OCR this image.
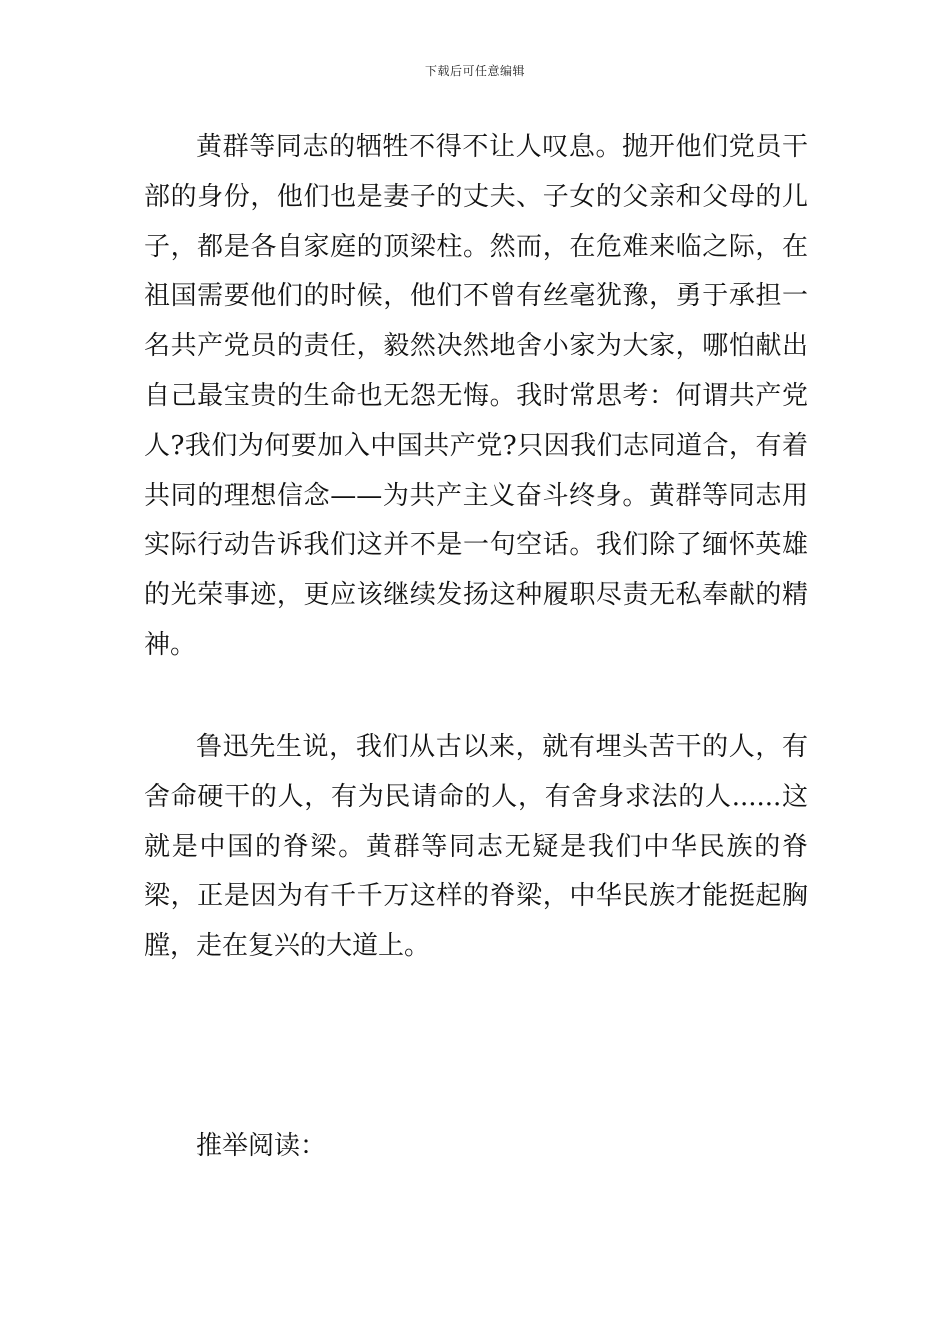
下载后可任意编辑

黄群等同志的牺牲不得不让人叹息。抛开他们党员干部的身份，他们也是妻子的丈夫、子女的父亲和父母的儿子，都是各自家庭的顶梁柱。然而，在危难来临之际，在祖国需要他们的时候，他们不曾有丝毫犹豫，勇于承担一名共产党员的责任，毅然决然地舍小家为大家，哪怕献出自己最宝贵的生命也无怨无悔。我时常思考：何谓共产党人?我们为何要加入中国共产党?只因我们志同道合，有着共同的理想信念——为共产主义奋斗终身。黄群等同志用实际行动告诉我们这并不是一句空话。我们除了缅怀英雄的光荣事迹，更应该继续发扬这种履职尽责无私奉献的精神。

鲁迅先生说，我们从古以来，就有埋头苦干的人，有舍命硬干的人，有为民请命的人，有舍身求法的人......这就是中国的脊梁。黄群等同志无疑是我们中华民族的脊梁，正是因为有千千万这样的脊梁，中华民族才能挺起胸膛，走在复兴的大道上。

推举阅读：
